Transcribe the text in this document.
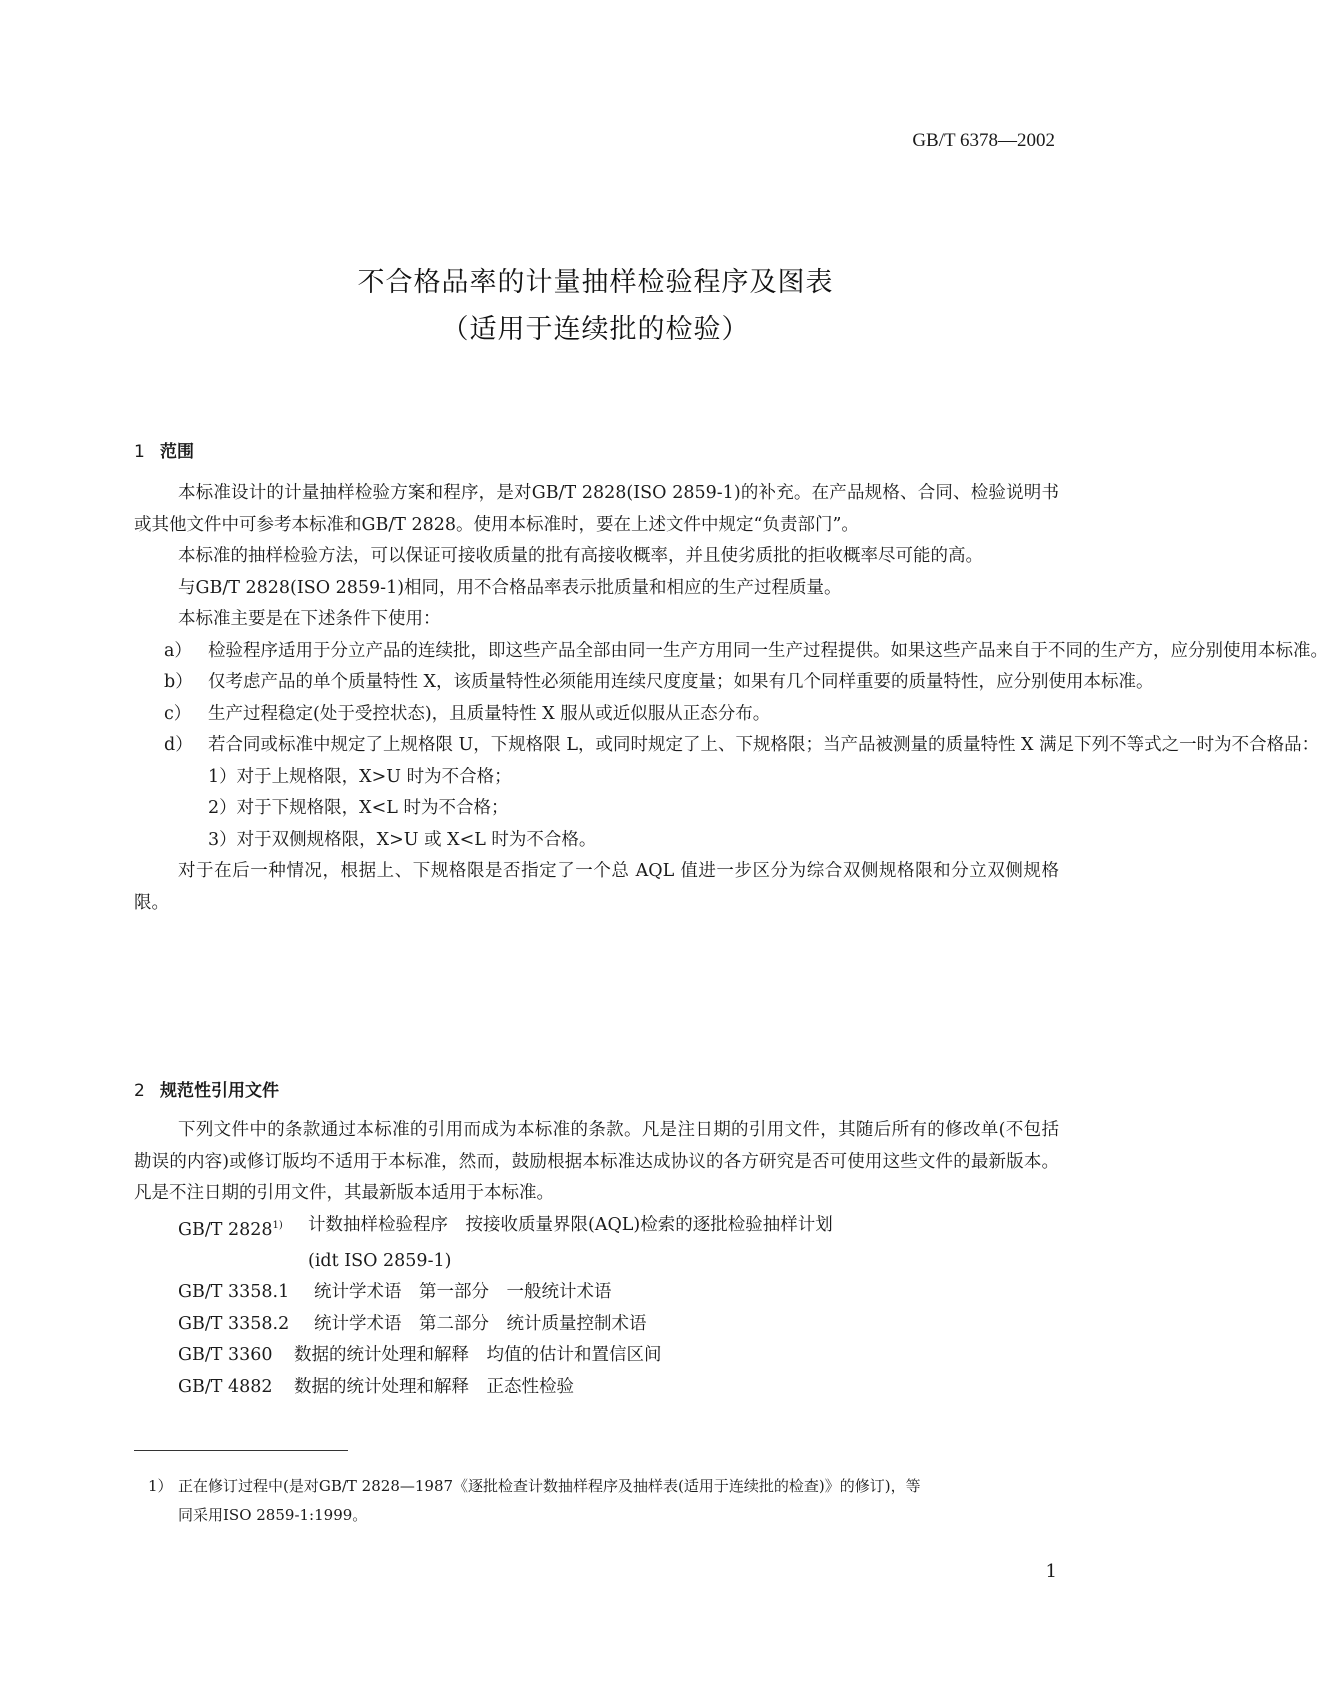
GB/T 6378—2002
不合格品率的计量抽样检验程序及图表
（适用于连续批的检验）
1 范围

本标准设计的计量抽样检验方案和程序，是对GB/T 2828(ISO 2859-1)的补充。在产品规格、合同、检验说明书或其他文件中可参考本标准和GB/T 2828。使用本标准时，要在上述文件中规定“负责部门”。

本标准的抽样检验方法，可以保证可接收质量的批有高接收概率，并且使劣质批的拒收概率尽可能的高。

与GB/T 2828(ISO 2859-1)相同，用不合格品率表示批质量和相应的生产过程质量。

本标准主要是在下述条件下使用：

a） 检验程序适用于分立产品的连续批，即这些产品全部由同一生产方用同一生产过程提供。如果这些产品来自于不同的生产方，应分别使用本标准。
b） 仅考虑产品的单个质量特性 X，该质量特性必须能用连续尺度度量；如果有几个同样重要的质量特性，应分别使用本标准。
c） 生产过程稳定(处于受控状态)，且质量特性 X 服从或近似服从正态分布。
d） 若合同或标准中规定了上规格限 U，下规格限 L，或同时规定了上、下规格限；当产品被测量的质量特性 X 满足下列不等式之一时为不合格品：
1）对于上规格限，X>U 时为不合格；
2）对于下规格限，X<L 时为不合格；
3）对于双侧规格限，X>U 或 X<L 时为不合格。

对于在后一种情况，根据上、下规格限是否指定了一个总 AQL 值进一步区分为综合双侧规格限和分立双侧规格限。

2 规范性引用文件

下列文件中的条款通过本标准的引用而成为本标准的条款。凡是注日期的引用文件，其随后所有的修改单(不包括勘误的内容)或修订版均不适用于本标准，然而，鼓励根据本标准达成协议的各方研究是否可使用这些文件的最新版本。凡是不注日期的引用文件，其最新版本适用于本标准。

GB/T 2828$^{1)}$	计数抽样检验程序　按接收质量界限(AQL)检索的逐批检验抽样计划
(idt ISO 2859-1)
GB/T 3358.1	统计学术语　第一部分　一般统计术语
GB/T 3358.2	统计学术语　第二部分　统计质量控制术语
GB/T 3360	数据的统计处理和解释　均值的估计和置信区间
GB/T 4882	数据的统计处理和解释　正态性检验
1） 正在修订过程中(是对GB/T 2828—1987《逐批检查计数抽样程序及抽样表(适用于连续批的检查)》的修订)，等
同采用ISO 2859-1:1999。
1
